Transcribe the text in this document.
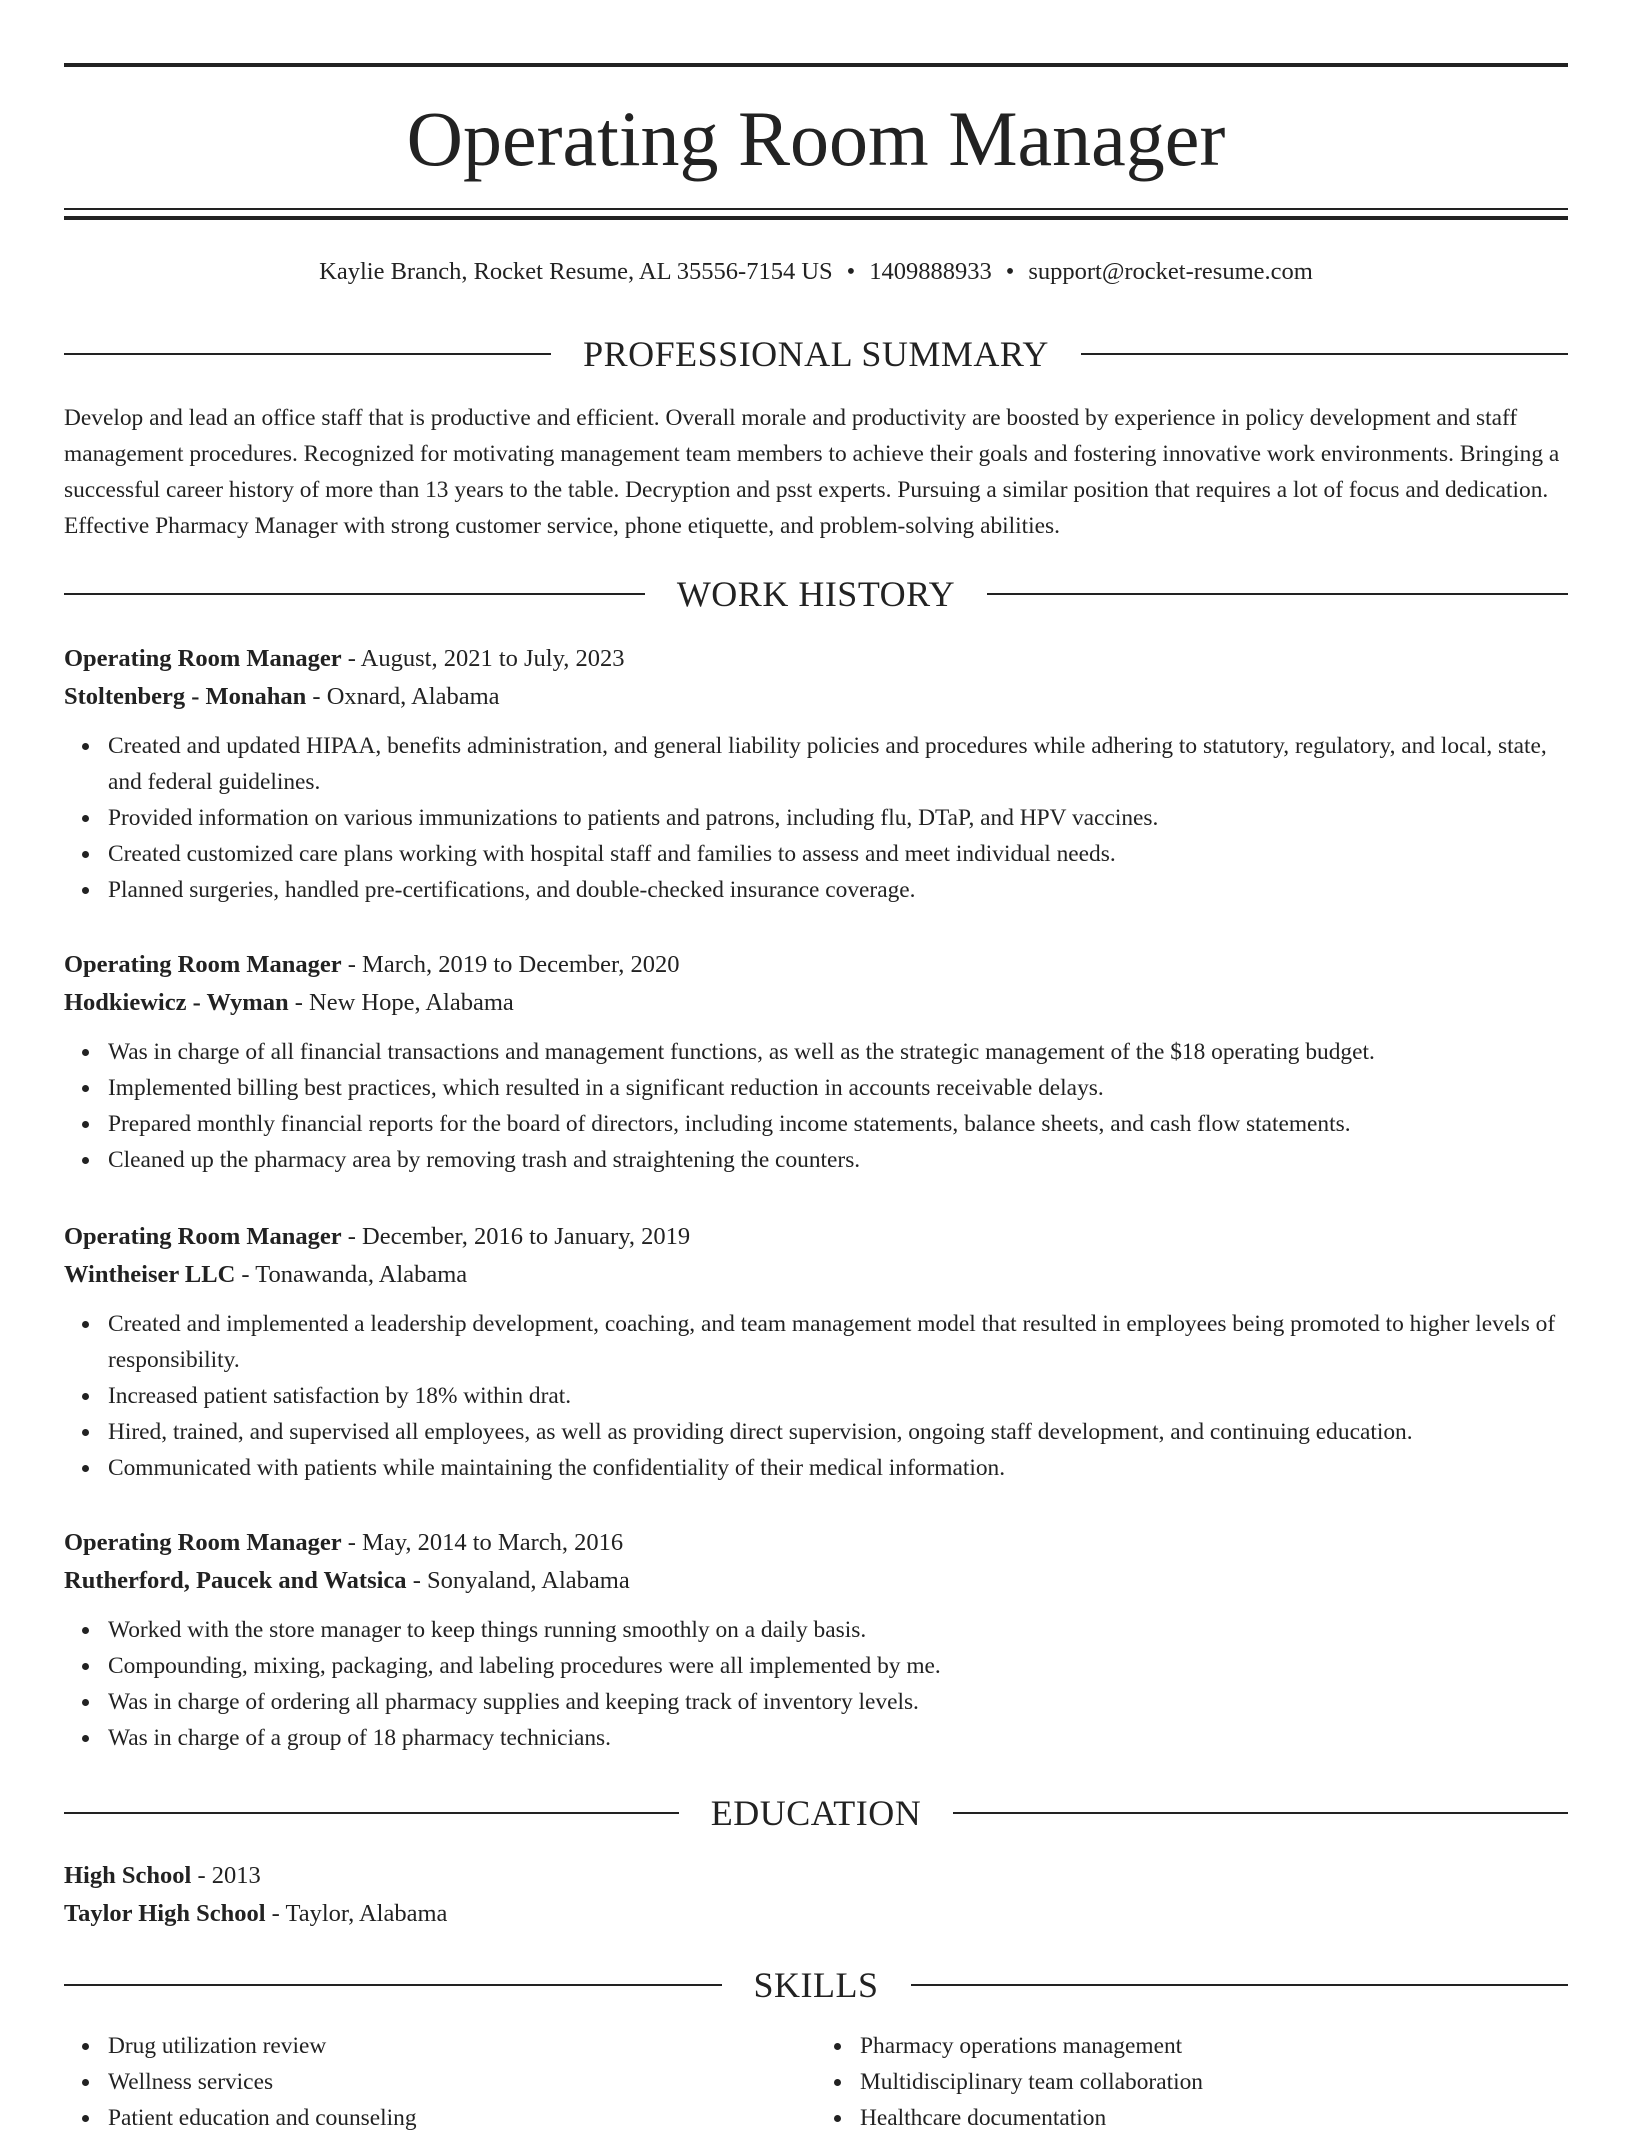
Operating Room Manager
Kaylie Branch, Rocket Resume, AL 35556-7154 US • 1409888933 • support@rocket-resume.com
PROFESSIONAL SUMMARY

Develop and lead an office staff that is productive and efficient. Overall morale and productivity are boosted by experience in policy development and staff management procedures. Recognized for motivating management team members to achieve their goals and fostering innovative work environments. Bringing a successful career history of more than 13 years to the table. Decryption and psst experts. Pursuing a similar position that requires a lot of focus and dedication. Effective Pharmacy Manager with strong customer service, phone etiquette, and problem-solving abilities.

WORK HISTORY
Operating Room Manager - August, 2021 to July, 2023
Stoltenberg - Monahan - Oxnard, Alabama
Created and updated HIPAA, benefits administration, and general liability policies and procedures while adhering to statutory, regulatory, and local, state, and federal guidelines.
Provided information on various immunizations to patients and patrons, including flu, DTaP, and HPV vaccines.
Created customized care plans working with hospital staff and families to assess and meet individual needs.
Planned surgeries, handled pre-certifications, and double-checked insurance coverage.
Operating Room Manager - March, 2019 to December, 2020
Hodkiewicz - Wyman - New Hope, Alabama
Was in charge of all financial transactions and management functions, as well as the strategic management of the $18 operating budget.
Implemented billing best practices, which resulted in a significant reduction in accounts receivable delays.
Prepared monthly financial reports for the board of directors, including income statements, balance sheets, and cash flow statements.
Cleaned up the pharmacy area by removing trash and straightening the counters.
Operating Room Manager - December, 2016 to January, 2019
Wintheiser LLC - Tonawanda, Alabama
Created and implemented a leadership development, coaching, and team management model that resulted in employees being promoted to higher levels of responsibility.
Increased patient satisfaction by 18% within drat.
Hired, trained, and supervised all employees, as well as providing direct supervision, ongoing staff development, and continuing education.
Communicated with patients while maintaining the confidentiality of their medical information.
Operating Room Manager - May, 2014 to March, 2016
Rutherford, Paucek and Watsica - Sonyaland, Alabama
Worked with the store manager to keep things running smoothly on a daily basis.
Compounding, mixing, packaging, and labeling procedures were all implemented by me.
Was in charge of ordering all pharmacy supplies and keeping track of inventory levels.
Was in charge of a group of 18 pharmacy technicians.
EDUCATION
High School - 2013
Taylor High School - Taylor, Alabama
SKILLS
Drug utilization review
Wellness services
Patient education and counseling
Pharmacy operations management
Multidisciplinary team collaboration
Healthcare documentation
